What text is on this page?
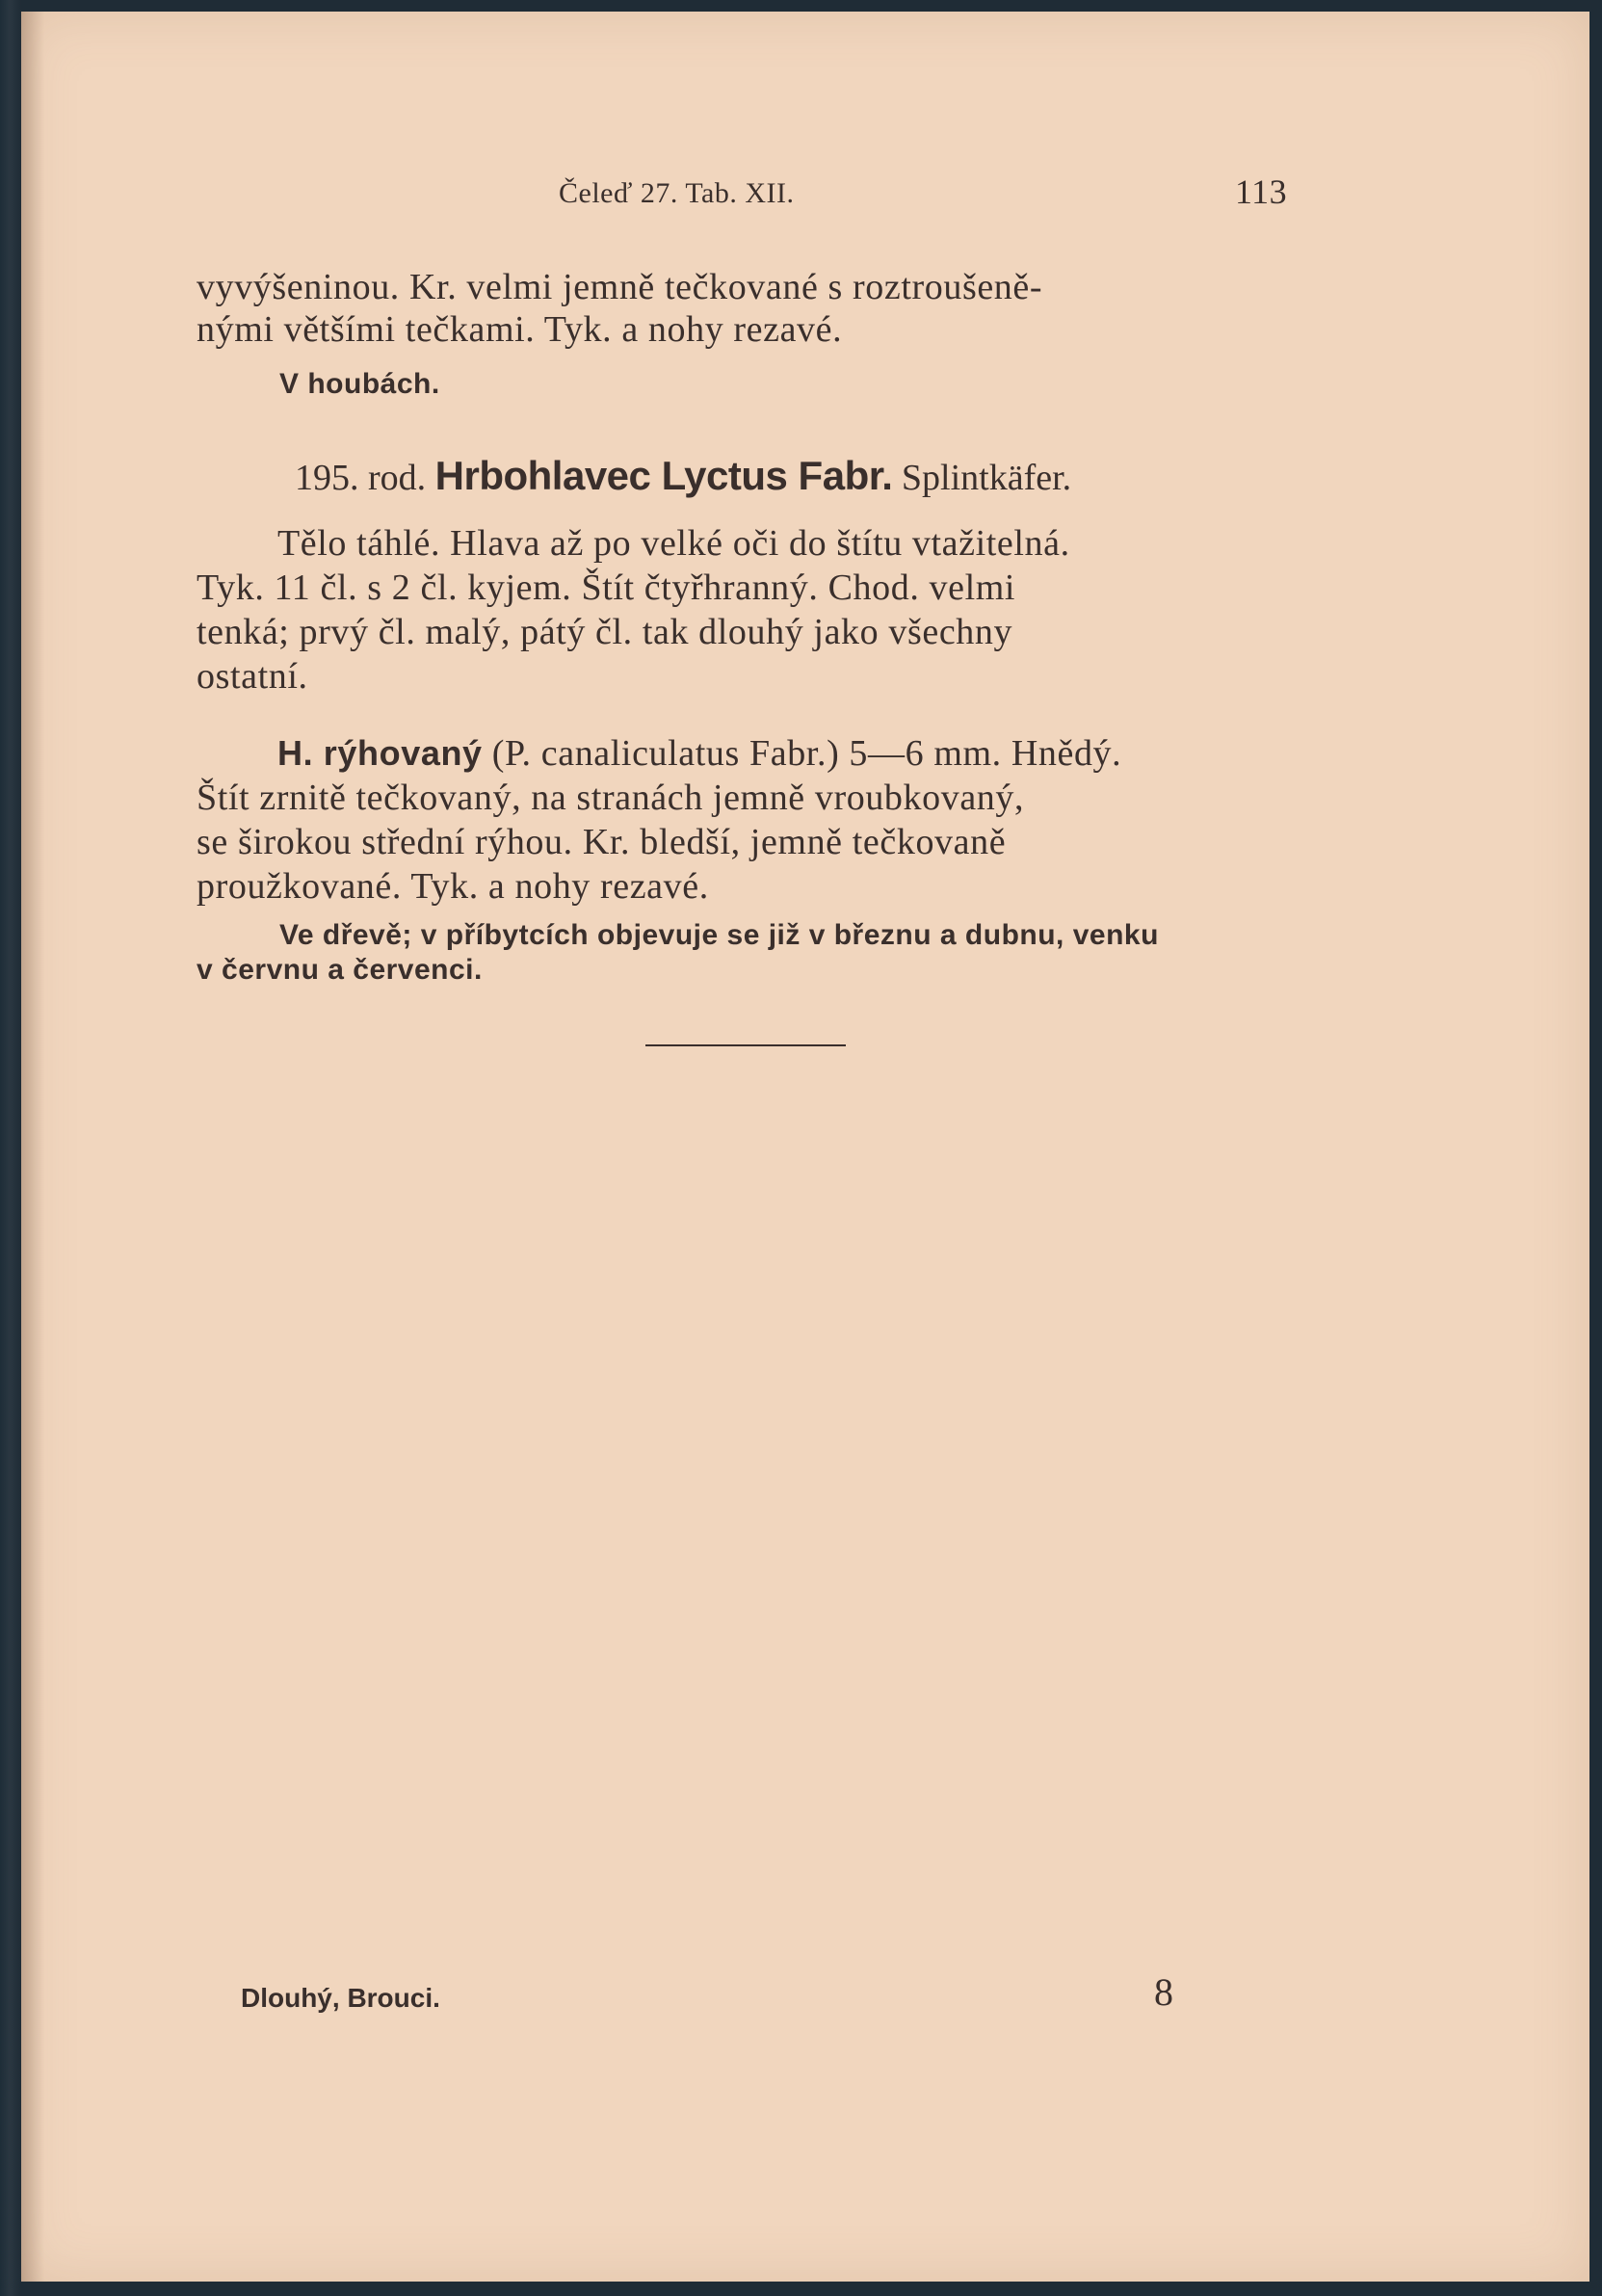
Čeleď 27. Tab. XII.	113
vyvýšeninou. Kr. velmi jemně tečkované s roztroušeně-
nými většími tečkami. Tyk. a nohy rezavé.
V houbách.
195. rod. Hrbohlavec Lyctus Fabr. Splintkäfer.
Tělo táhlé. Hlava až po velké oči do štítu vtažitelná.
Tyk. 11 čl. s 2 čl. kyjem. Štít čtyřhranný. Chod. velmi
tenká; prvý čl. malý, pátý čl. tak dlouhý jako všechny
ostatní.
H. rýhovaný (P. canaliculatus Fabr.) 5—6 mm. Hnědý.
Štít zrnitě tečkovaný, na stranách jemně vroubkovaný,
se širokou střední rýhou. Kr. bledší, jemně tečkovaně
proužkované. Tyk. a nohy rezavé.
Ve dřevě; v příbytcích objevuje se již v březnu a dubnu, venku
v červnu a červenci.
Dlouhý, Brouci.	8
